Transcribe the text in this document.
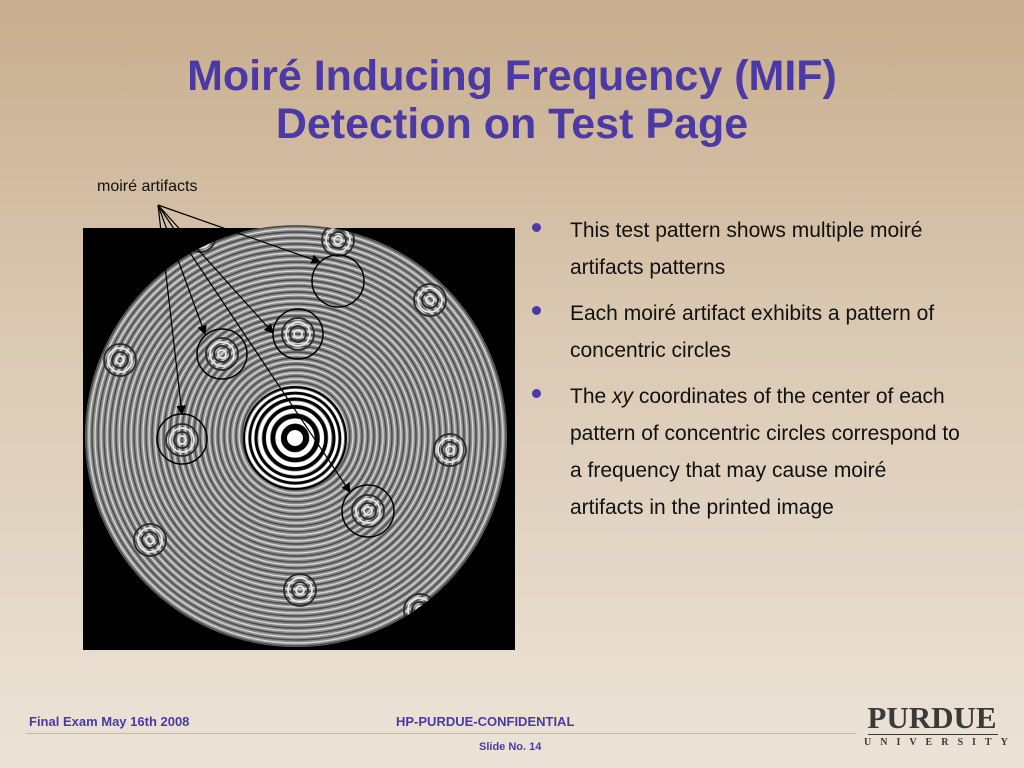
Moiré Inducing Frequency (MIF)
Detection on Test Page
moiré artifacts
This test pattern shows multiple moiré artifacts patterns
Each moiré artifact exhibits a pattern of concentric circles
The xy coordinates of the center of each pattern of concentric circles correspond to a frequency that may cause moiré artifacts in the printed image
Final Exam May 16th 2008	HP-PURDUE-CONFIDENTIAL
Slide No. 14
PURDUE
UNIVERSITY
